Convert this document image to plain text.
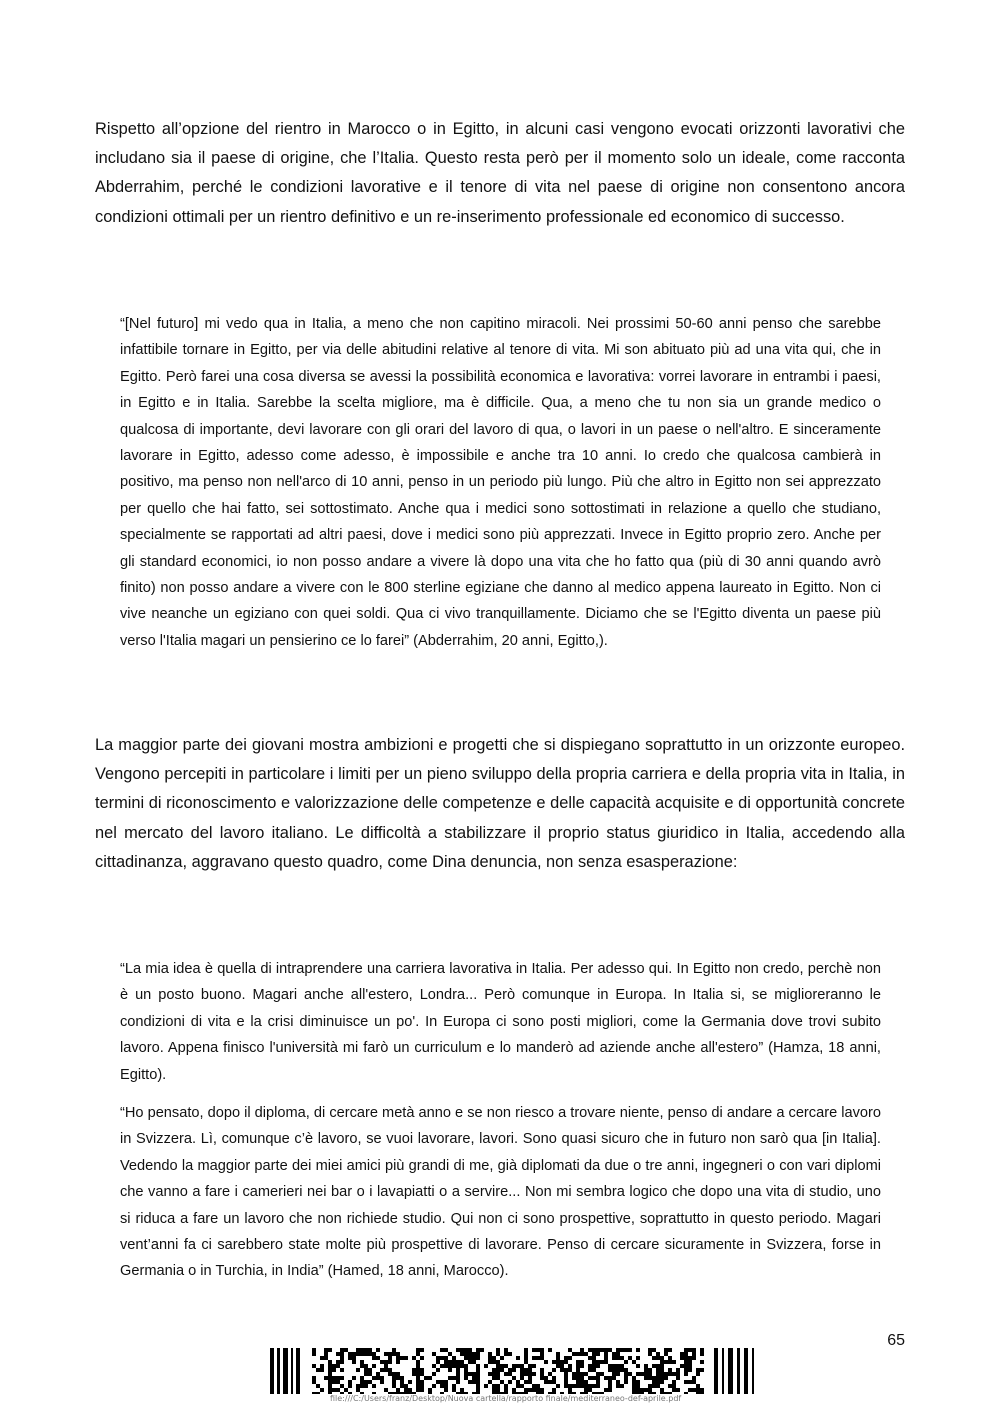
Rispetto all’opzione del rientro in Marocco o in Egitto, in alcuni casi vengono evocati orizzonti lavorativi che includano sia il paese di origine, che l’Italia. Questo resta però per il momento solo un ideale, come racconta Abderrahim, perché le condizioni lavorative e il tenore di vita nel paese di origine non consentono ancora condizioni ottimali per un rientro definitivo e un re-inserimento professionale ed economico di successo.

“[Nel futuro] mi vedo qua in Italia, a meno che non capitino miracoli. Nei prossimi 50-60 anni penso che sarebbe infattibile tornare in Egitto, per via delle abitudini relative al tenore di vita. Mi son abituato più ad una vita qui, che in Egitto. Però farei una cosa diversa se avessi la possibilità economica e lavorativa: vorrei lavorare in entrambi i paesi, in Egitto e in Italia. Sarebbe la scelta migliore, ma è difficile. Qua, a meno che tu non sia un grande medico o qualcosa di importante, devi lavorare con gli orari del lavoro di qua, o lavori in un paese o nell'altro. E sinceramente lavorare in Egitto, adesso come adesso, è impossibile e anche tra 10 anni. Io credo che qualcosa cambierà in positivo, ma penso non nell'arco di 10 anni, penso in un periodo più lungo. Più che altro in Egitto non sei apprezzato per quello che hai fatto, sei sottostimato. Anche qua i medici sono sottostimati in relazione a quello che studiano, specialmente se rapportati ad altri paesi, dove i medici sono più apprezzati. Invece in Egitto proprio zero. Anche per gli standard economici, io non posso andare a vivere là dopo una vita che ho fatto qua (più di 30 anni quando avrò finito) non posso andare a vivere con le 800 sterline egiziane che danno al medico appena laureato in Egitto. Non ci vive neanche un egiziano con quei soldi. Qua ci vivo tranquillamente. Diciamo che se l'Egitto diventa un paese più verso l'Italia magari un pensierino ce lo farei” (Abderrahim, 20 anni, Egitto,).

La maggior parte dei giovani mostra ambizioni e progetti che si dispiegano soprattutto in un orizzonte europeo. Vengono percepiti in particolare i limiti per un pieno sviluppo della propria carriera e della propria vita in Italia, in termini di riconoscimento e valorizzazione delle competenze e delle capacità acquisite e di opportunità concrete nel mercato del lavoro italiano. Le difficoltà a stabilizzare il proprio status giuridico in Italia, accedendo alla cittadinanza, aggravano questo quadro, come Dina denuncia, non senza esasperazione:

“La mia idea è quella di intraprendere una carriera lavorativa in Italia. Per adesso qui. In Egitto non credo, perchè non è un posto buono. Magari anche all'estero, Londra... Però comunque in Europa. In Italia si, se miglioreranno le condizioni di vita e la crisi diminuisce un po'. In Europa ci sono posti migliori, come la Germania dove trovi subito lavoro. Appena finisco l'università mi farò un curriculum e lo manderò ad aziende anche all'estero” (Hamza, 18 anni, Egitto).

“Ho pensato, dopo il diploma, di cercare metà anno e se non riesco a trovare niente, penso di andare a cercare lavoro in Svizzera. Lì, comunque c’è lavoro, se vuoi lavorare, lavori. Sono quasi sicuro che in futuro non sarò qua [in Italia]. Vedendo la maggior parte dei miei amici più grandi di me, già diplomati da due o tre anni, ingegneri o con vari diplomi che vanno a fare i camerieri nei bar o i lavapiatti o a servire... Non mi sembra logico che dopo una vita di studio, uno si riduca a fare un lavoro che non richiede studio. Qui non ci sono prospettive, soprattutto in questo periodo. Magari vent’anni fa ci sarebbero state molte più prospettive di lavorare. Penso di cercare sicuramente in Svizzera, forse in Germania o in Turchia, in India” (Hamed, 18 anni, Marocco).

65
file:///C:/Users/franz/Desktop/Nuova cartella/rapporto finale/mediterraneo-def-aprile.pdf
